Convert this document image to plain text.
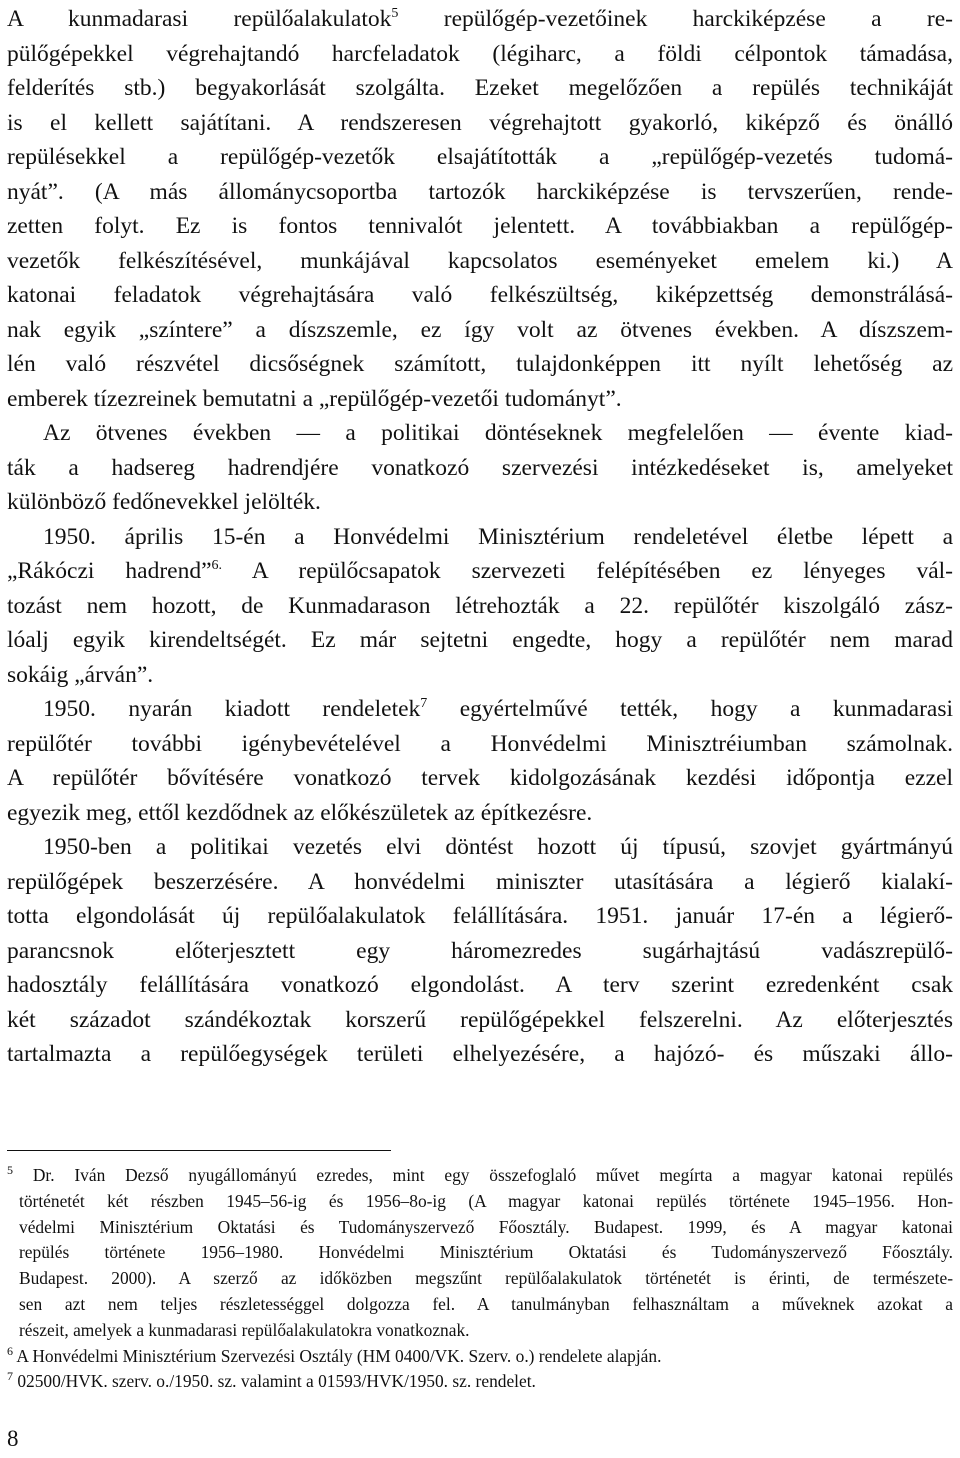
A kunmadarasi repülőalakulatok$^5$ repülőgép-vezetőinek harckiképzése a re-
pülőgépekkel végrehajtandó harcfeladatok (légiharc, a földi célpontok támadása,
felderítés stb.) begyakorlását szolgálta. Ezeket megelőzően a repülés technikáját
is el kellett sajátítani. A rendszeresen végrehajtott gyakorló, kiképző és önálló
repülésekkel a repülőgép-vezetők elsajátították a „repülőgép-vezetés tudomá-
nyát”. (A más állománycsoportba tartozók harckiképzése is tervszerűen, rende-
zetten folyt. Ez is fontos tennivalót jelentett. A továbbiakban a repülőgép-
vezetők felkészítésével, munkájával kapcsolatos eseményeket emelem ki.) A
katonai feladatok végrehajtására való felkészültség, kiképzettség demonstrálásá-
nak egyik „színtere” a díszszemle, ez így volt az ötvenes években. A díszszem-
lén való részvétel dicsőségnek számított, tulajdonképpen itt nyílt lehetőség az
emberek tízezreinek bemutatni a „repülőgép-vezetői tudományt”.
Az ötvenes években — a politikai döntéseknek megfelelően — évente kiad-
ták a hadsereg hadrendjére vonatkozó szervezési intézkedéseket is, amelyeket
különböző fedőnevekkel jelölték.
1950. április 15-én a Honvédelmi Minisztérium rendeletével életbe lépett a
„Rákóczi hadrend”$^{6.}$ A repülőcsapatok szervezeti felépítésében ez lényeges vál-
tozást nem hozott, de Kunmadarason létrehozták a 22. repülőtér kiszolgáló zász-
lóalj egyik kirendeltségét. Ez már sejtetni engedte, hogy a repülőtér nem marad
sokáig „árván”.
1950. nyarán kiadott rendeletek$^7$ egyértelművé tették, hogy a kunmadarasi
repülőtér további igénybevételével a Honvédelmi Minisztréiumban számolnak.
A repülőtér bővítésére vonatkozó tervek kidolgozásának kezdési időpontja ezzel
egyezik meg, ettől kezdődnek az előkészületek az építkezésre.
1950-ben a politikai vezetés elvi döntést hozott új típusú, szovjet gyártmányú
repülőgépek beszerzésére. A honvédelmi miniszter utasítására a légierő kialakí-
totta elgondolását új repülőalakulatok felállítására. 1951. január 17-én a légierő-
parancsnok előterjesztett egy háromezredes sugárhajtású vadászrepülő-
hadosztály felállítására vonatkozó elgondolást. A terv szerint ezredenként csak
két századot szándékoztak korszerű repülőgépekkel felszerelni. Az előterjesztés
tartalmazta a repülőegységek területi elhelyezésére, a hajózó- és műszaki állo-
$^5$ Dr. Iván Dezső nyugállományú ezredes, mint egy összefoglaló művet megírta a magyar katonai repülés
történetét két részben 1945–56-ig és 1956–8o-ig (A magyar katonai repülés története 1945–1956. Hon-
védelmi Minisztérium Oktatási és Tudományszervező Főosztály. Budapest. 1999, és A magyar katonai
repülés története 1956–1980. Honvédelmi Minisztérium Oktatási és Tudományszervező Főosztály.
Budapest. 2000). A szerző az időközben megszűnt repülőalakulatok történetét is érinti, de természete-
sen azt nem teljes részletességgel dolgozza fel. A tanulmányban felhasználtam a műveknek azokat a
részeit, amelyek a kunmadarasi repülőalakulatokra vonatkoznak.
$^6$ A Honvédelmi Minisztérium Szervezési Osztály (HM 0400/VK. Szerv. o.) rendelete alapján.
$^7$ 02500/HVK. szerv. o./1950. sz. valamint a 01593/HVK/1950. sz. rendelet.
8
